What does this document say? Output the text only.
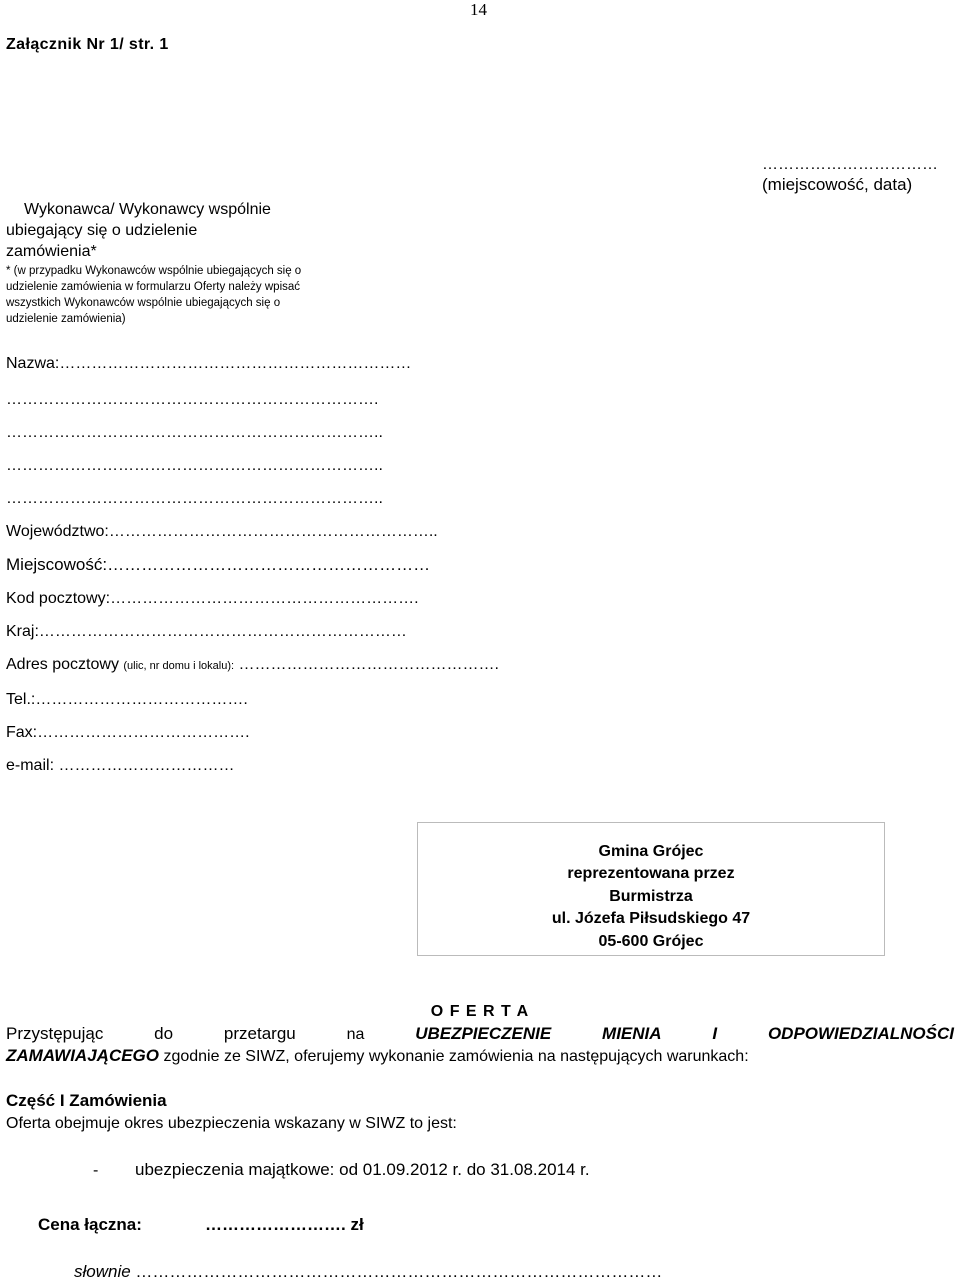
14
Załącznik Nr 1/ str. 1
……………………………
(miejscowość, data)
Wykonawca/ Wykonawcy wspólnie
ubiegający się o udzielenie
zamówienia*
* (w przypadku Wykonawców wspólnie ubiegających się o udzielenie zamówienia w formularzu Oferty należy wpisać wszystkich Wykonawców wspólnie ubiegających się o udzielenie zamówienia)
Nazwa:…………………………………………………………
…………………………………………………………….
……………………………………………………………..
……………………………………………………………..
……………………………………………………………..
Województwo:……………………………………………………..
Miejscowość:…………………………………………………
Kod pocztowy:………………………………………………….
Kraj:……………………………………………………………
Adres pocztowy (ulic, nr domu i lokalu): ………………………………………….
Tel.:………………………………….
Fax:………………………………….
e-mail: ……………………………
Gmina Grójec
reprezentowana przez
Burmistrza
ul. Józefa Piłsudskiego 47
05-600 Grójec
O F E R T A
Przystępując	do	przetargu	na	UBEZPIECZENIE	MIENIA	I	ODPOWIEDZIALNOŚCI
ZAMAWIAJĄCEGO zgodnie ze SIWZ, oferujemy wykonanie zamówienia na następujących warunkach:
Część I Zamówienia
Oferta obejmuje okres ubezpieczenia wskazany w SIWZ to jest:
- ubezpieczenia majątkowe: od 01.09.2012 r. do 31.08.2014 r.
Cena łączna:	……………………. zł
słownie …………………………………………………………………………………
